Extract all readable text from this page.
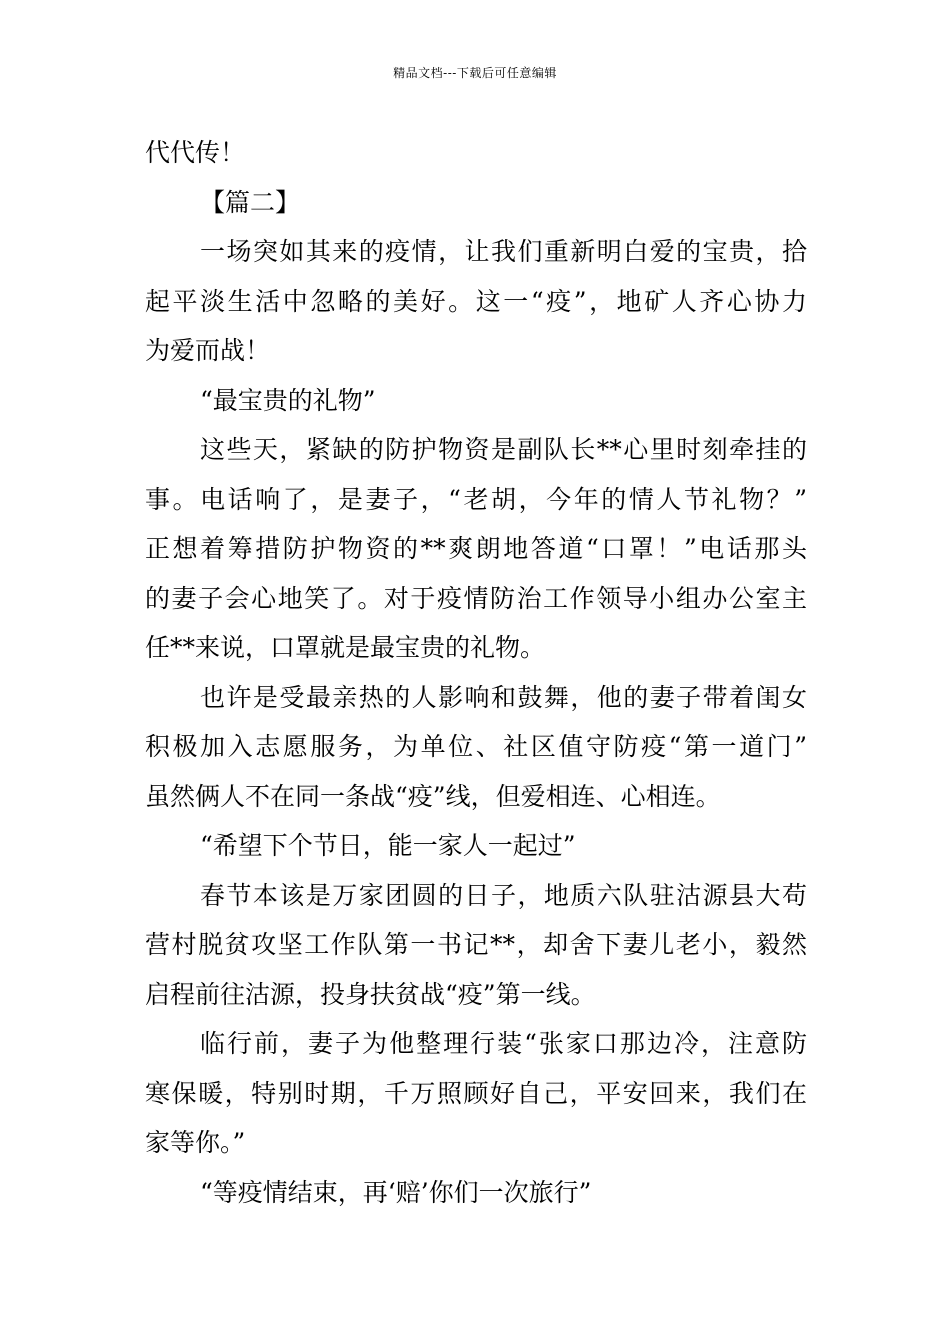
精品文档---下载后可任意编辑
代代传！
【篇二】
一场突如其来的疫情，让我们重新明白爱的宝贵，拾
起平淡生活中忽略的美好。这一“疫”，地矿人齐心协力
为爱而战！
“最宝贵的礼物”
这些天，紧缺的防护物资是副队长**心里时刻牵挂的
事。电话响了，是妻子，“老胡，今年的情人节礼物？”
正想着筹措防护物资的**爽朗地答道“口罩！”电话那头
的妻子会心地笑了。对于疫情防治工作领导小组办公室主
任**来说，口罩就是最宝贵的礼物。
也许是受最亲热的人影响和鼓舞，他的妻子带着闺女
积极加入志愿服务，为单位、社区值守防疫“第一道门”
虽然俩人不在同一条战“疫”线，但爱相连、心相连。
“希望下个节日，能一家人一起过”
春节本该是万家团圆的日子，地质六队驻沽源县大苟
营村脱贫攻坚工作队第一书记**，却舍下妻儿老小，毅然
启程前往沽源，投身扶贫战“疫”第一线。
临行前，妻子为他整理行装“张家口那边冷，注意防
寒保暖，特别时期，千万照顾好自己，平安回来，我们在
家等你。”
“等疫情结束，再‘赔’你们一次旅行”
